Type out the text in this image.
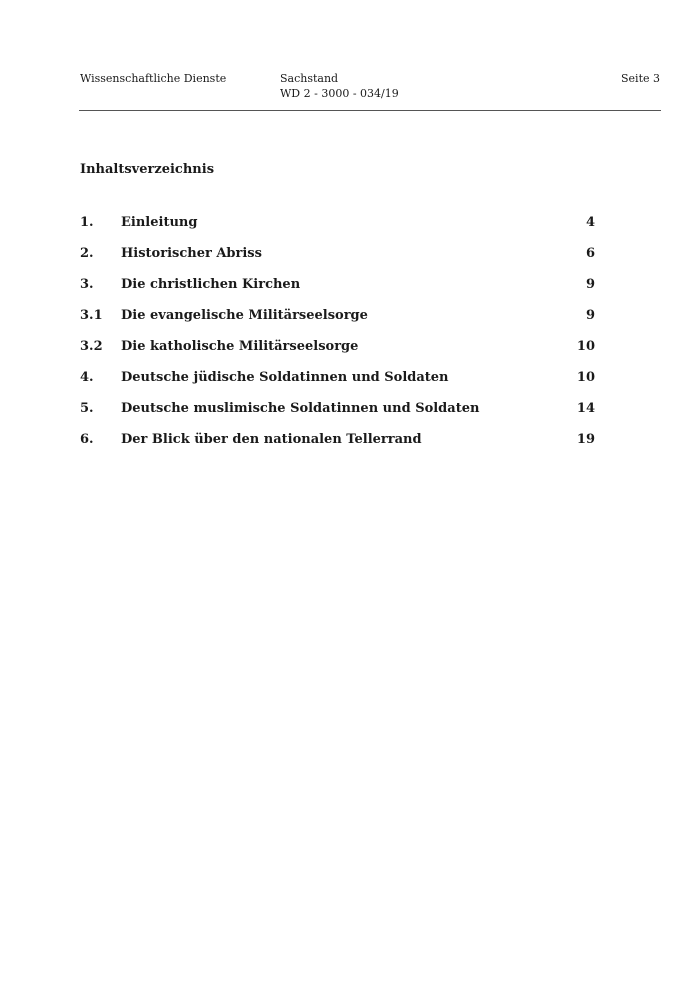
Wissenschaftliche Dienste	Sachstand
WD 2 - 3000 - 034/19
Seite 3
Inhaltsverzeichnis
1. Einleitung	4
2. Historischer Abriss	6
3. Die christlichen Kirchen	9
3.1 Die evangelische Militärseelsorge	9
3.2 Die katholische Militärseelsorge	10
4. Deutsche jüdische Soldatinnen und Soldaten	10
5. Deutsche muslimische Soldatinnen und Soldaten	14
6. Der Blick über den nationalen Tellerrand	19
